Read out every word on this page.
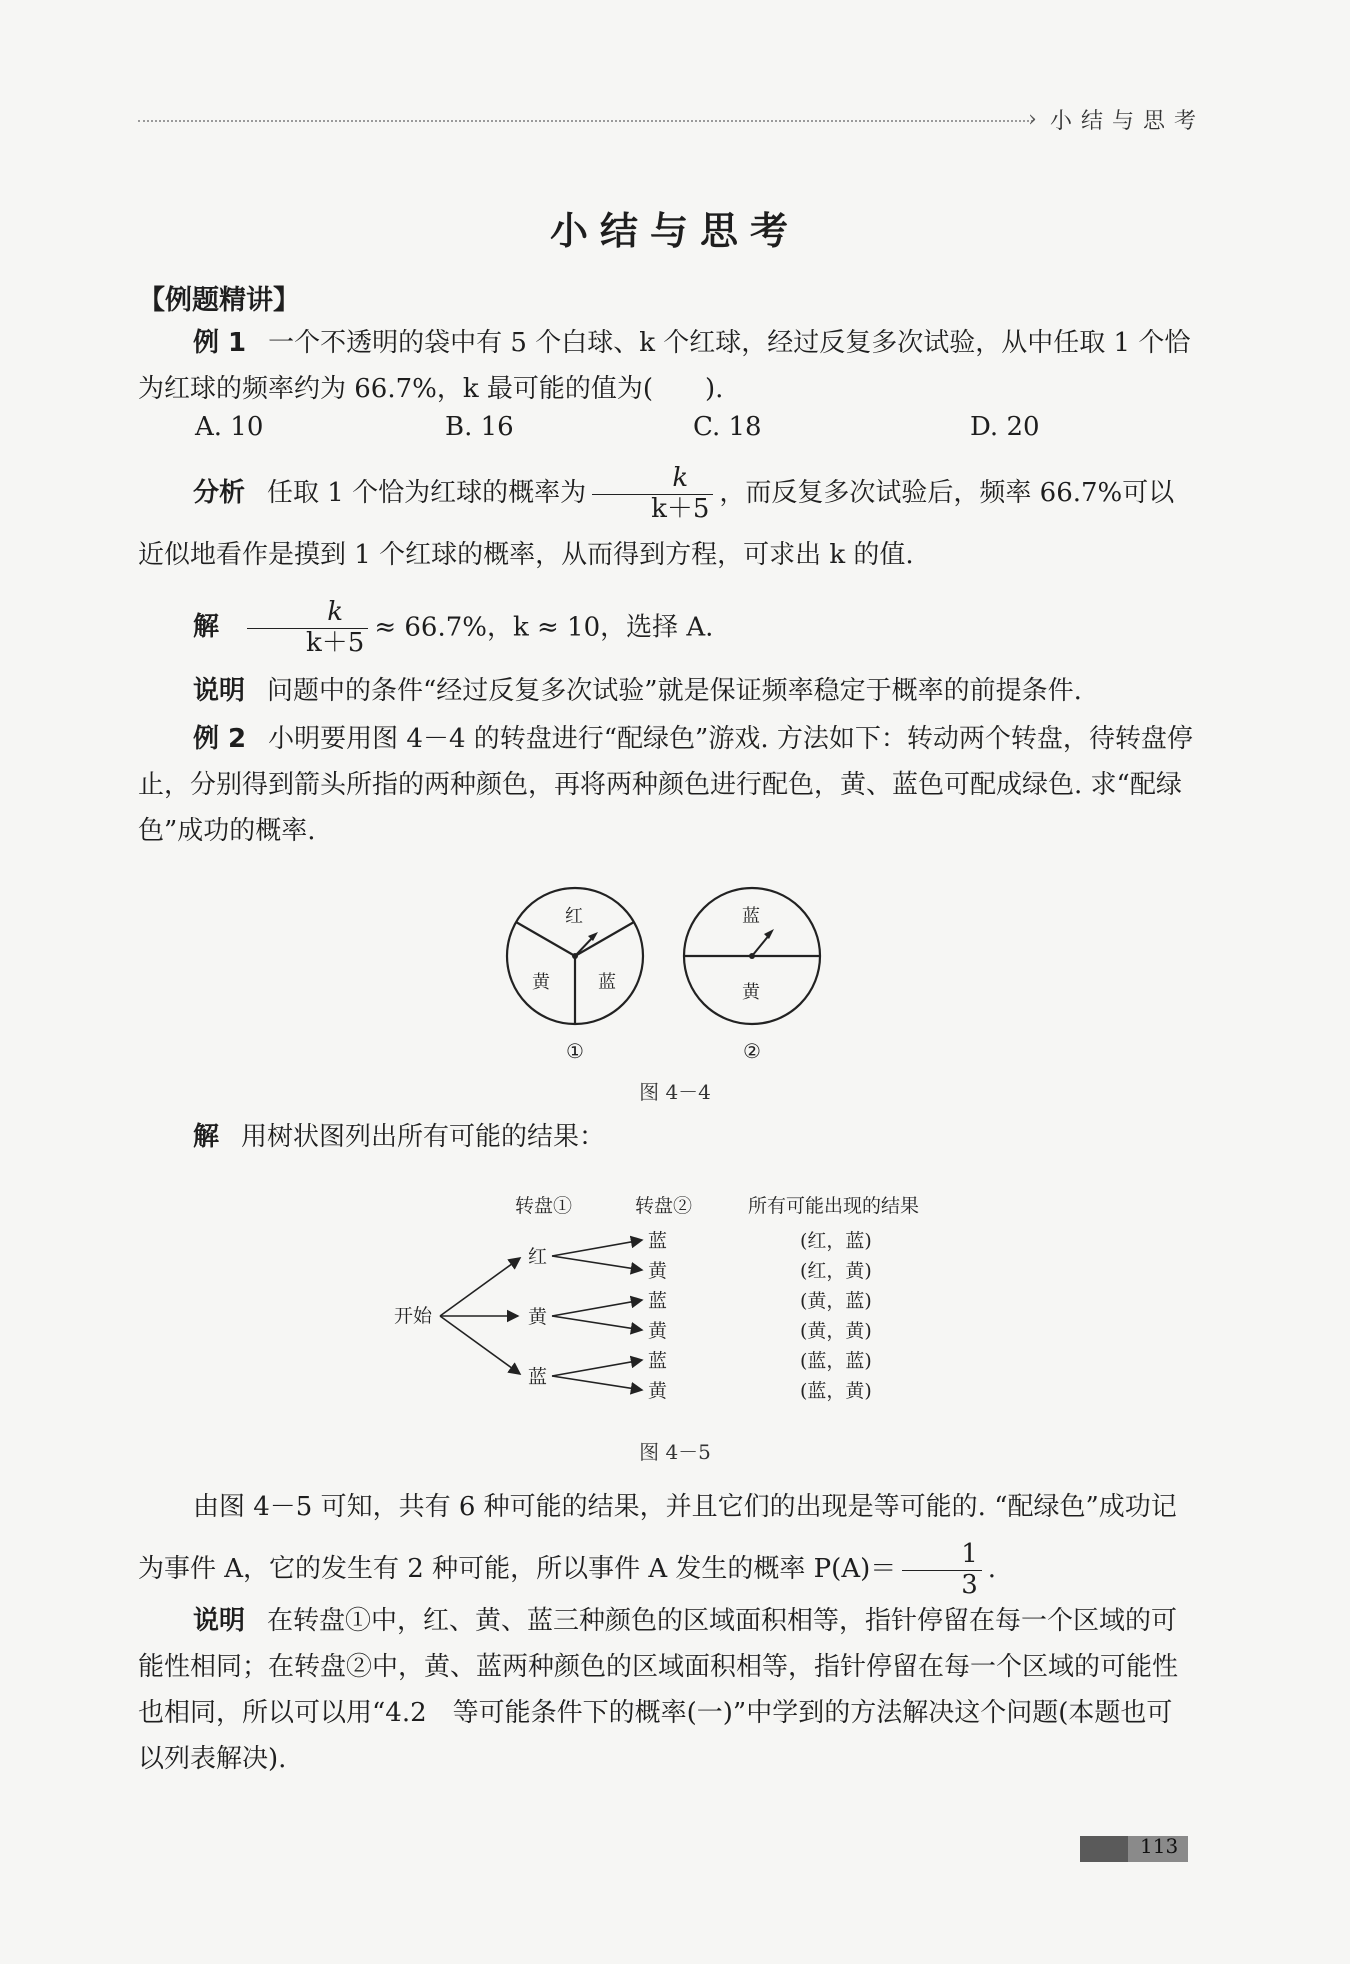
› 小结与思考
小结与思考
【例题精讲】
例 1 一个不透明的袋中有 5 个白球、k 个红球，经过反复多次试验，从中任取 1 个恰为红球的频率约为 66.7%，k 最可能的值为(　　).
A. 10	B. 16	C. 18	D. 20
分析 任取 1 个恰为红球的概率为 $\frac{k}{k+5}$ ，而反复多次试验后，频率 66.7%可以近似地看作是摸到 1 个红球的概率，从而得到方程，可求出 k 的值.
解 $\frac{k}{k+5} \approx 66.7\%$，k ≈ 10，选择 A.
说明 问题中的条件“经过反复多次试验”就是保证频率稳定于概率的前提条件.
例 2 小明要用图 4－4 的转盘进行“配绿色”游戏. 方法如下：转动两个转盘，待转盘停止，分别得到箭头所指的两种颜色，再将两种颜色进行配色，黄、蓝色可配成绿色. 求“配绿色”成功的概率.
红
黄	蓝
①
蓝
黄
②
图 4－4
解 用树状图列出所有可能的结果：
转盘①	转盘②	所有可能出现的结果
开始
红
黄
蓝
蓝
黄
蓝
黄
蓝
黄
(红，蓝)
(红，黄)
(黄，蓝)
(黄，黄)
(蓝，蓝)
(蓝，黄)
图 4－5
由图 4－5 可知，共有 6 种可能的结果，并且它们的出现是等可能的. “配绿色”成功记为事件 A，它的发生有 2 种可能，所以事件 A 发生的概率 $P(A)= \frac{1}{3}$ .
说明 在转盘①中，红、黄、蓝三种颜色的区域面积相等，指针停留在每一个区域的可能性相同；在转盘②中，黄、蓝两种颜色的区域面积相等，指针停留在每一个区域的可能性也相同，所以可以用“4.2　等可能条件下的概率(一)”中学到的方法解决这个问题(本题也可以列表解决).
113
